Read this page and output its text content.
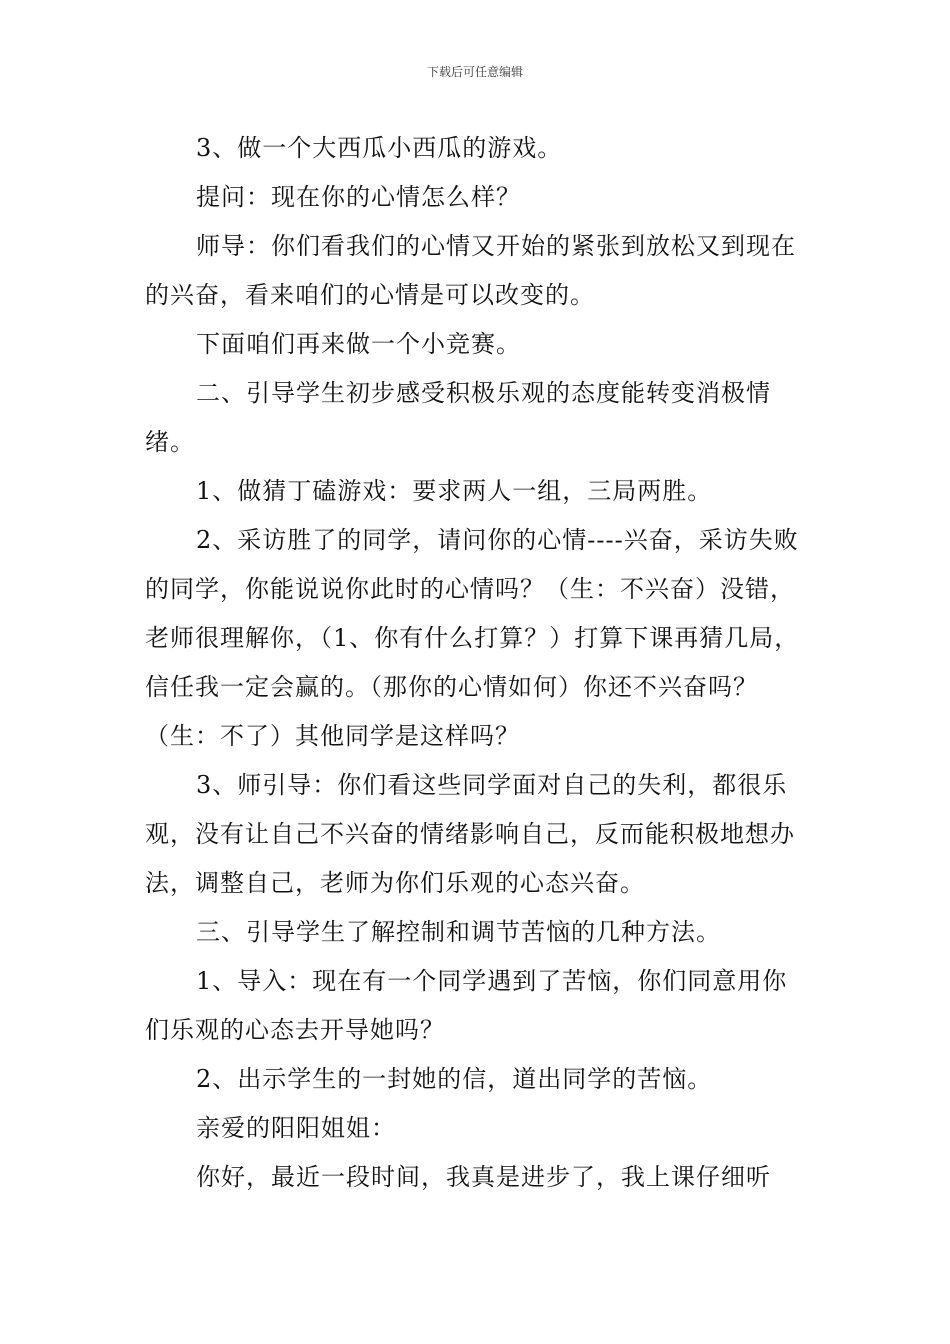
下载后可任意编辑

3、做一个大西瓜小西瓜的游戏。

提问：现在你的心情怎么样？

师导：你们看我们的心情又开始的紧张到放松又到现在的兴奋，看来咱们的心情是可以改变的。

下面咱们再来做一个小竞赛。

二、引导学生初步感受积极乐观的态度能转变消极情绪。

1、做猜丁磕游戏：要求两人一组，三局两胜。

2、采访胜了的同学，请问你的心情----兴奋，采访失败的同学，你能说说你此时的心情吗？（生：不兴奋）没错，老师很理解你，（1、你有什么打算？）打算下课再猜几局，信任我一定会赢的。（那你的心情如何）你还不兴奋吗？（生：不了）其他同学是这样吗？

3、师引导：你们看这些同学面对自己的失利，都很乐观，没有让自己不兴奋的情绪影响自己，反而能积极地想办法，调整自己，老师为你们乐观的心态兴奋。

三、引导学生了解控制和调节苦恼的几种方法。

1、导入：现在有一个同学遇到了苦恼，你们同意用你们乐观的心态去开导她吗？

2、出示学生的一封她的信，道出同学的苦恼。

亲爱的阳阳姐姐：

你好，最近一段时间，我真是进步了，我上课仔细听
